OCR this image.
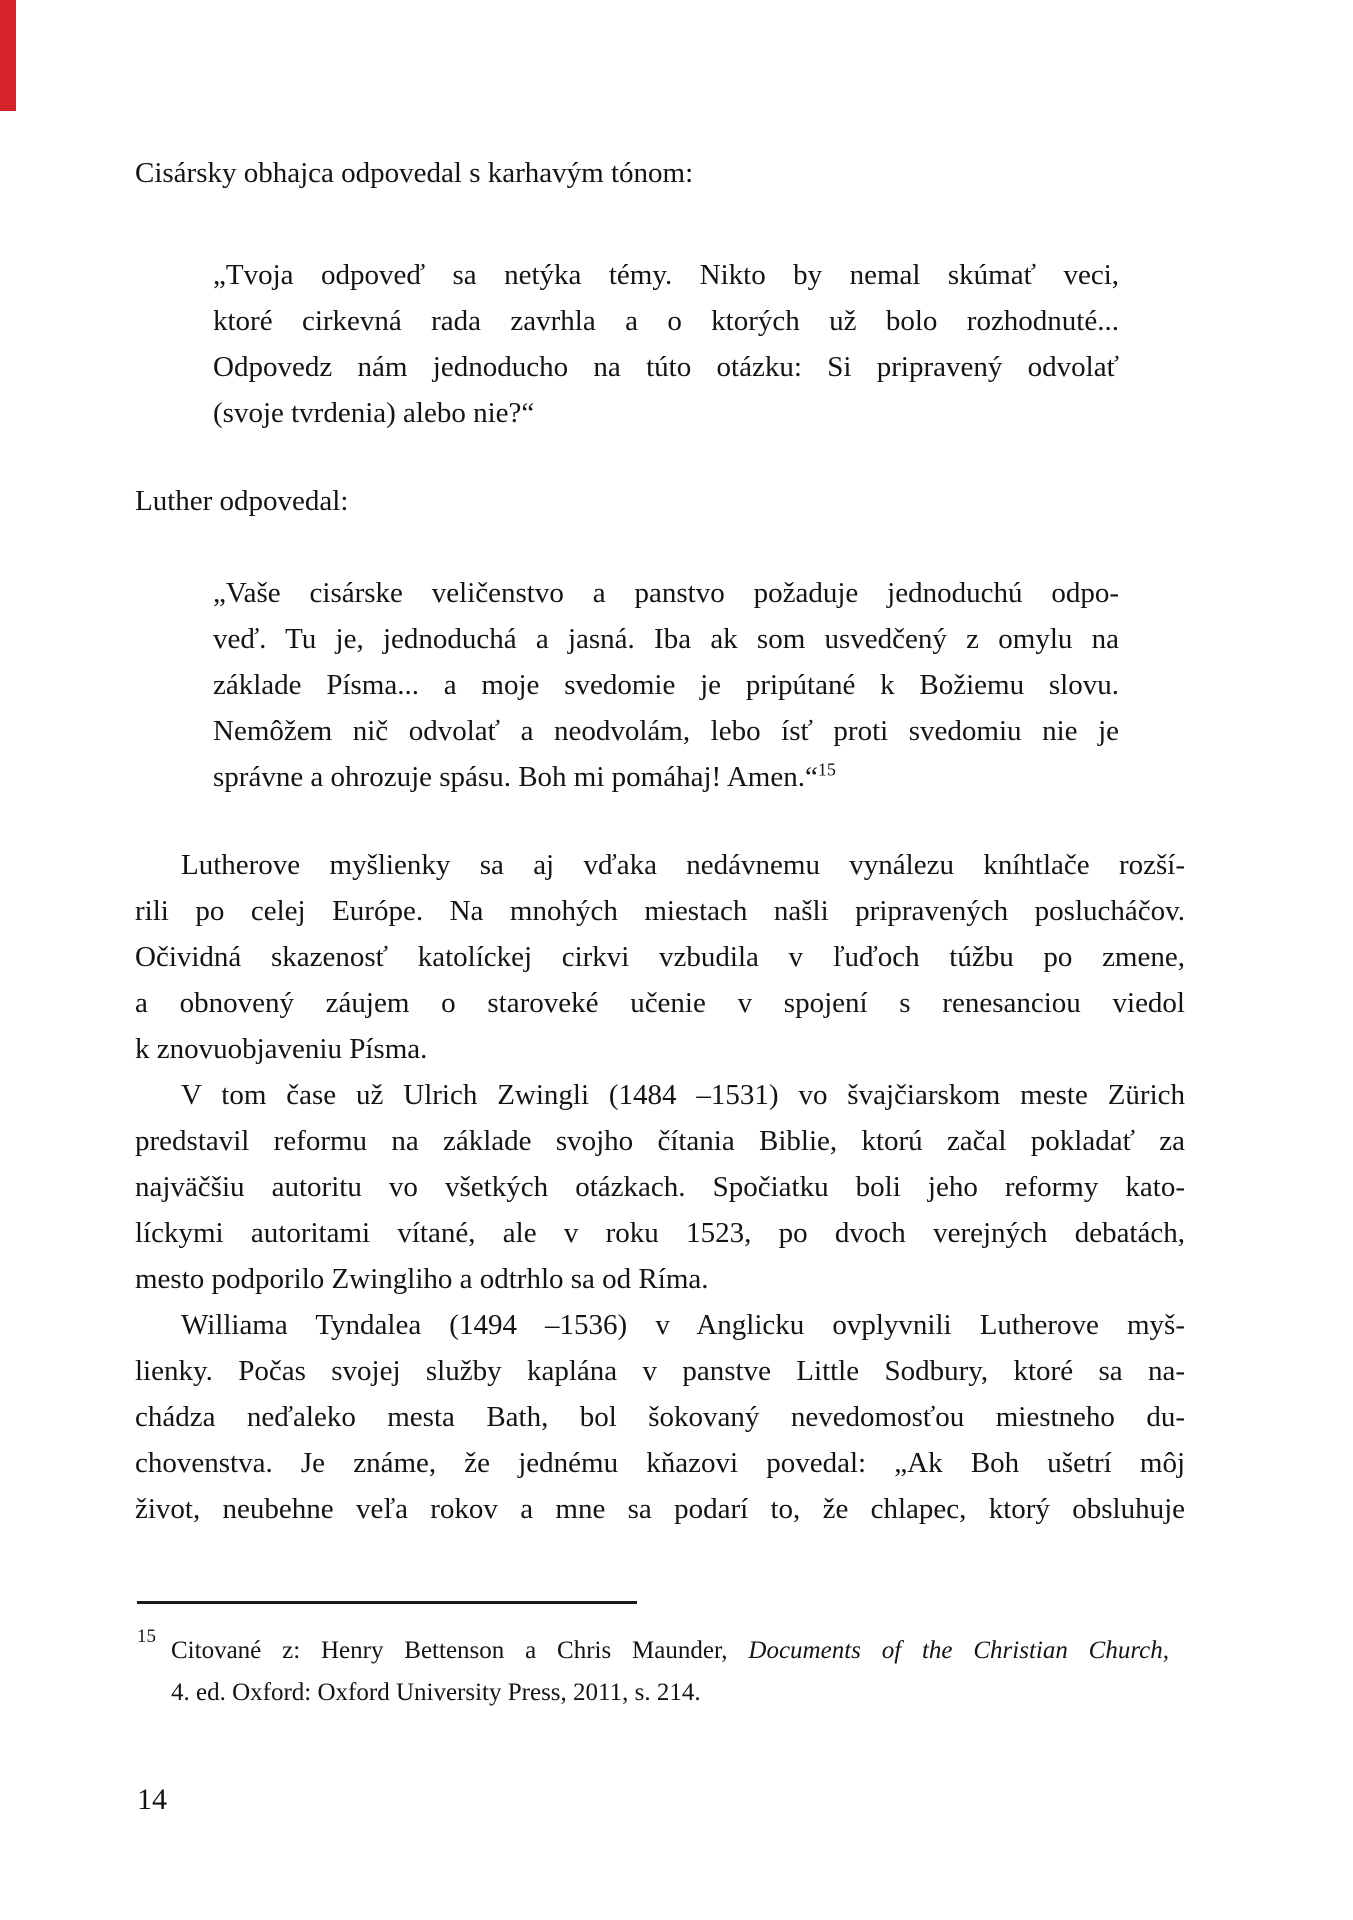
Cisársky obhajca odpovedal s karhavým tónom:
„Tvoja odpoveď sa netýka témy. Nikto by nemal skúmať veci,
ktoré cirkevná rada zavrhla a o ktorých už bolo rozhodnuté...
Odpovedz nám jednoducho na túto otázku: Si pripravený odvolať
(svoje tvrdenia) alebo nie?“
Luther odpovedal:
„Vaše cisárske veličenstvo a panstvo požaduje jednoduchú odpo-
veď. Tu je, jednoduchá a jasná. Iba ak som usvedčený z omylu na
základe Písma... a moje svedomie je pripútané k Božiemu slovu.
Nemôžem nič odvolať a neodvolám, lebo ísť proti svedomiu nie je
správne a ohrozuje spásu. Boh mi pomáhaj! Amen.“$^{15}$
Lutherove myšlienky sa aj vďaka nedávnemu vynálezu kníhtlače rozší-
rili po celej Európe. Na mnohých miestach našli pripravených poslucháčov.
Očividná skazenosť katolíckej cirkvi vzbudila v ľuďoch túžbu po zmene,
a obnovený záujem o staroveké učenie v spojení s renesanciou viedol
k znovuobjaveniu Písma.
V tom čase už Ulrich Zwingli (1484 –1531) vo švajčiarskom meste Zürich
predstavil reformu na základe svojho čítania Biblie, ktorú začal pokladať za
najväčšiu autoritu vo všetkých otázkach. Spočiatku boli jeho reformy kato-
líckymi autoritami vítané, ale v roku 1523, po dvoch verejných debatách,
mesto podporilo Zwingliho a odtrhlo sa od Ríma.
Williama Tyndalea (1494 –1536) v Anglicku ovplyvnili Lutherove myš-
lienky. Počas svojej služby kaplána v panstve Little Sodbury, ktoré sa na-
chádza neďaleko mesta Bath, bol šokovaný nevedomosťou miestneho du-
chovenstva. Je známe, že jednému kňazovi povedal: „Ak Boh ušetrí môj
život, neubehne veľa rokov a mne sa podarí to, že chlapec, ktorý obsluhuje
15
Citované z: Henry Bettenson a Chris Maunder, Documents of the Christian Church,
4. ed. Oxford: Oxford University Press, 2011, s. 214.
14
